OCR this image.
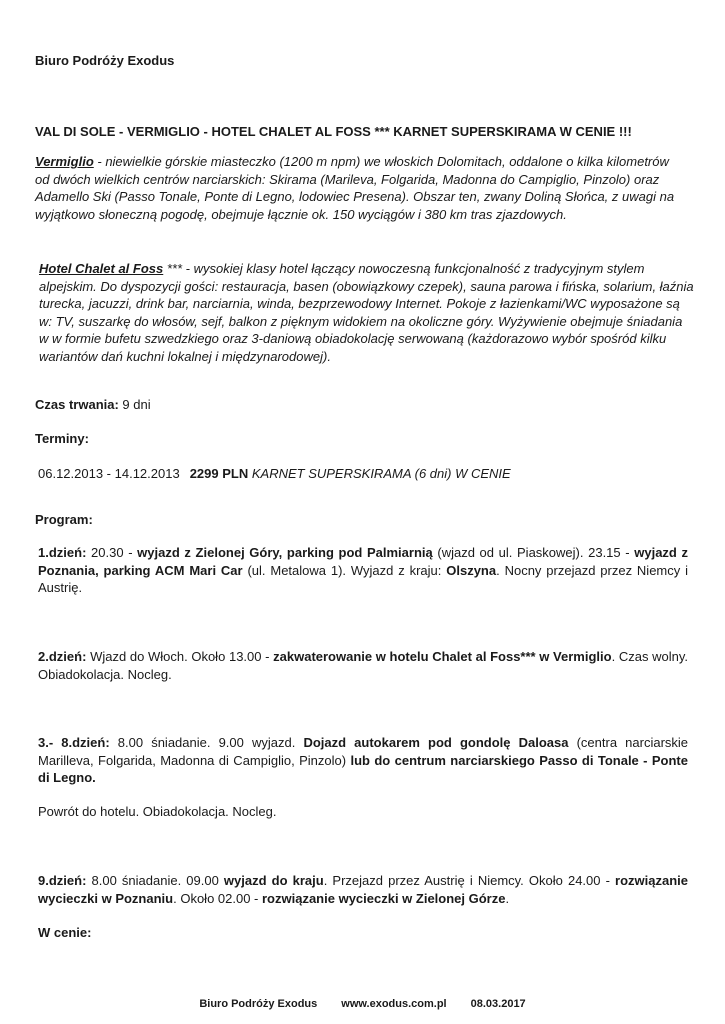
Biuro Podróży Exodus
VAL DI SOLE - VERMIGLIO - HOTEL CHALET AL FOSS *** KARNET SUPERSKIRAMA W CENIE !!!
Vermiglio - niewielkie górskie miasteczko (1200 m npm) we włoskich Dolomitach, oddalone o kilka kilometrów od dwóch wielkich centrów narciarskich: Skirama (Marileva, Folgarida, Madonna do Campiglio, Pinzolo) oraz Adamello Ski (Passo Tonale, Ponte di Legno, lodowiec Presena). Obszar ten, zwany Doliną Słońca, z uwagi na wyjątkowo słoneczną pogodę, obejmuje łącznie ok. 150 wyciągów i 380 km tras zjazdowych.
Hotel Chalet al Foss *** - wysokiej klasy hotel łączący nowoczesną funkcjonalność z tradycyjnym stylem alpejskim. Do dyspozycji gości: restauracja, basen (obowiązkowy czepek), sauna parowa i fińska, solarium, łaźnia turecka, jacuzzi, drink bar, narciarnia, winda, bezprzewodowy Internet. Pokoje z łazienkami/WC wyposażone są w: TV, suszarkę do włosów, sejf, balkon z pięknym widokiem na okoliczne góry. Wyżywienie obejmuje śniadania w w formie bufetu szwedzkiego oraz 3-daniową obiadokolację serwowaną (każdorazowo wybór spośród kilku wariantów dań kuchni lokalnej i międzynarodowej).
Czas trwania: 9 dni
Terminy:
06.12.2013 - 14.12.2013 2299 PLN KARNET SUPERSKIRAMA (6 dni) W CENIE
Program:
1.dzień: 20.30 - wyjazd z Zielonej Góry, parking pod Palmiarnią (wjazd od ul. Piaskowej). 23.15 - wyjazd z Poznania, parking ACM Mari Car (ul. Metalowa 1). Wyjazd z kraju: Olszyna. Nocny przejazd przez Niemcy i Austrię.
2.dzień: Wjazd do Włoch. Około 13.00 - zakwaterowanie w hotelu Chalet al Foss*** w Vermiglio. Czas wolny. Obiadokolacja. Nocleg.
3.- 8.dzień: 8.00 śniadanie. 9.00 wyjazd. Dojazd autokarem pod gondolę Daloasa (centra narciarskie Marilleva, Folgarida, Madonna di Campiglio, Pinzolo) lub do centrum narciarskiego Passo di Tonale - Ponte di Legno.
Powrót do hotelu. Obiadokolacja. Nocleg.
9.dzień: 8.00 śniadanie. 09.00 wyjazd do kraju. Przejazd przez Austrię i Niemcy. Około 24.00 - rozwiązanie wycieczki w Poznaniu. Około 02.00 - rozwiązanie wycieczki w Zielonej Górze.
W cenie:
Biuro Podróży Exodus www.exodus.com.pl 08.03.2017
